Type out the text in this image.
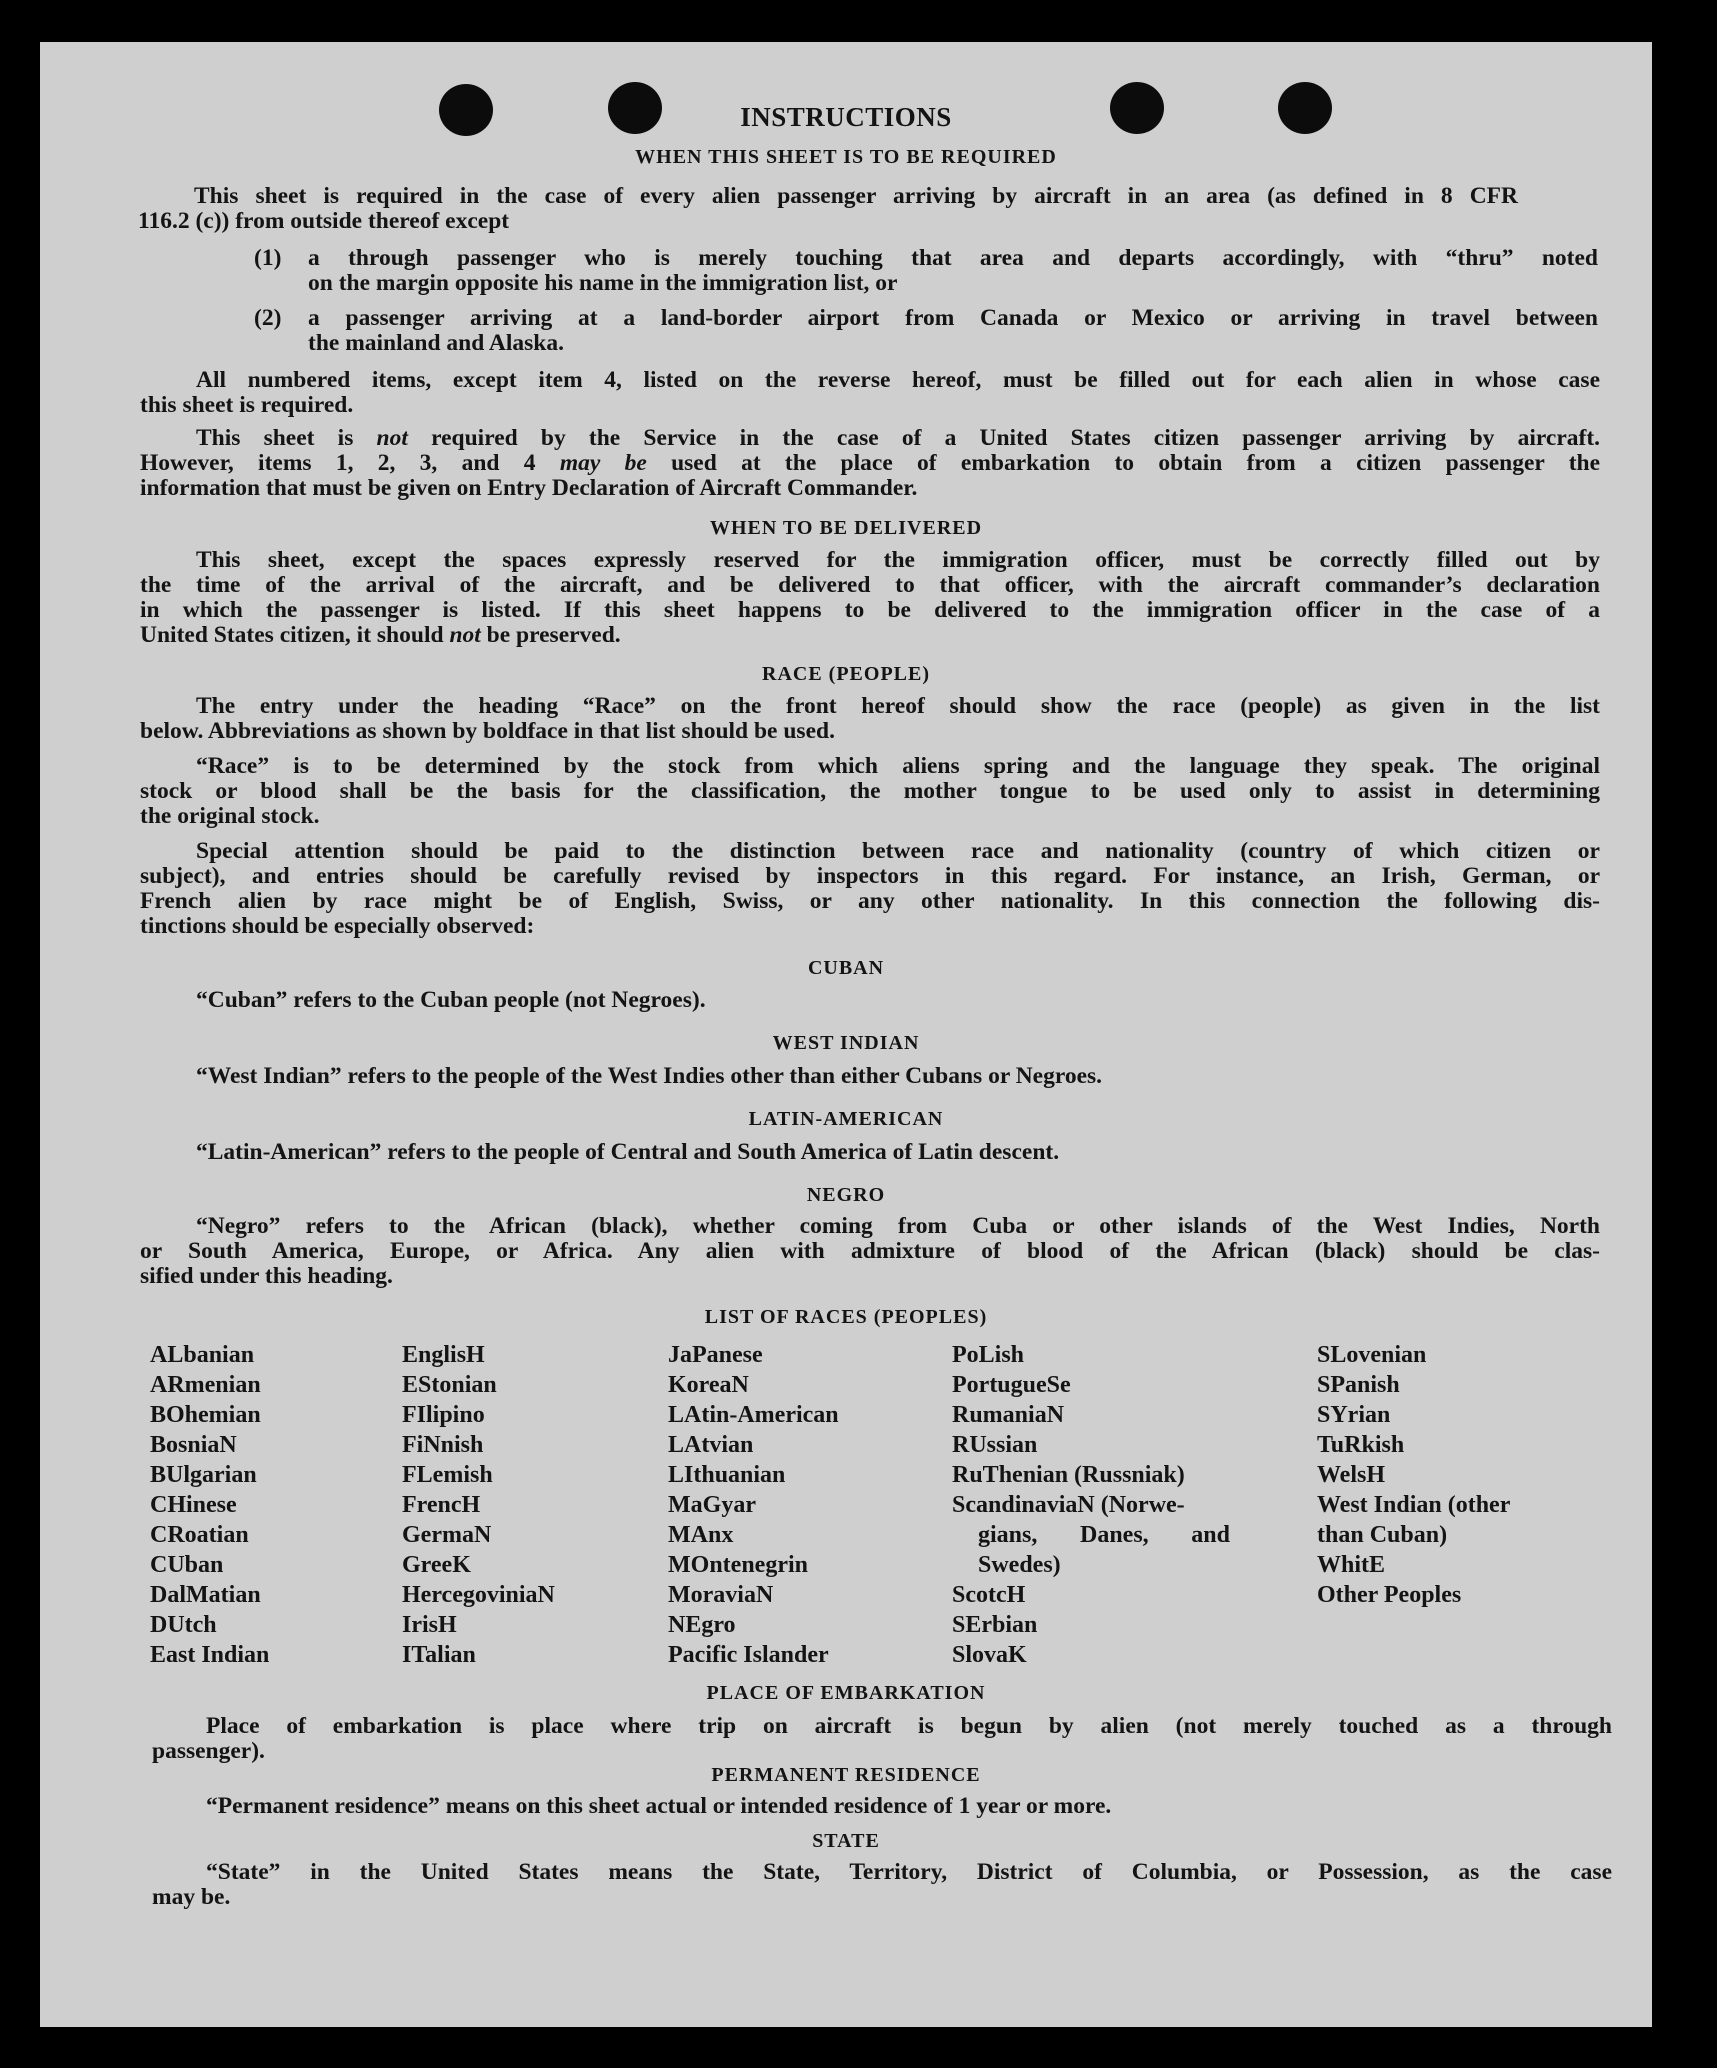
INSTRUCTIONS
WHEN THIS SHEET IS TO BE REQUIRED
This sheet is required in the case of every alien passenger arriving by aircraft in an area (as defined in 8 CFR
116.2 (c)) from outside thereof except
(1) a through passenger who is merely touching that area and departs accordingly, with “thru” noted
on the margin opposite his name in the immigration list, or
(2) a passenger arriving at a land-border airport from Canada or Mexico or arriving in travel between
the mainland and Alaska.
All numbered items, except item 4, listed on the reverse hereof, must be filled out for each alien in whose case
this sheet is required.
This sheet is not required by the Service in the case of a United States citizen passenger arriving by aircraft.
However, items 1, 2, 3, and 4 may be used at the place of embarkation to obtain from a citizen passenger the
information that must be given on Entry Declaration of Aircraft Commander.
WHEN TO BE DELIVERED
This sheet, except the spaces expressly reserved for the immigration officer, must be correctly filled out by
the time of the arrival of the aircraft, and be delivered to that officer, with the aircraft commander’s declaration
in which the passenger is listed. If this sheet happens to be delivered to the immigration officer in the case of a
United States citizen, it should not be preserved.
RACE (PEOPLE)
The entry under the heading “Race” on the front hereof should show the race (people) as given in the list
below. Abbreviations as shown by boldface in that list should be used.
“Race” is to be determined by the stock from which aliens spring and the language they speak. The original
stock or blood shall be the basis for the classification, the mother tongue to be used only to assist in determining
the original stock.
Special attention should be paid to the distinction between race and nationality (country of which citizen or
subject), and entries should be carefully revised by inspectors in this regard. For instance, an Irish, German, or
French alien by race might be of English, Swiss, or any other nationality. In this connection the following dis-
tinctions should be especially observed:
CUBAN
“Cuban” refers to the Cuban people (not Negroes).
WEST INDIAN
“West Indian” refers to the people of the West Indies other than either Cubans or Negroes.
LATIN-AMERICAN
“Latin-American” refers to the people of Central and South America of Latin descent.
NEGRO
“Negro” refers to the African (black), whether coming from Cuba or other islands of the West Indies, North
or South America, Europe, or Africa. Any alien with admixture of blood of the African (black) should be clas-
sified under this heading.
LIST OF RACES (PEOPLES)
ALbanian
ARmenian
BOhemian
BosniaN
BUlgarian
CHinese
CRoatian
CUban
DalMatian
DUtch
East Indian
EnglisH
EStonian
FIlipino
FiNnish
FLemish
FrencH
GermaN
GreeK
HercegoviniaN
IrisH
ITalian
JaPanese
KoreaN
LAtin-American
LAtvian
LIthuanian
MaGyar
MAnx
MOntenegrin
MoraviaN
NEgro
Pacific Islander
PoLish
PortugueSe
RumaniaN
RUssian
RuThenian (Russniak)
ScandinaviaN (Norwe-
gians, Danes, and
Swedes)
ScotcH
SErbian
SlovaK
SLovenian
SPanish
SYrian
TuRkish
WelsH
West Indian (other
than Cuban)
WhitE
Other Peoples
PLACE OF EMBARKATION
Place of embarkation is place where trip on aircraft is begun by alien (not merely touched as a through
passenger).
PERMANENT RESIDENCE
“Permanent residence” means on this sheet actual or intended residence of 1 year or more.
STATE
“State” in the United States means the State, Territory, District of Columbia, or Possession, as the case
may be.
